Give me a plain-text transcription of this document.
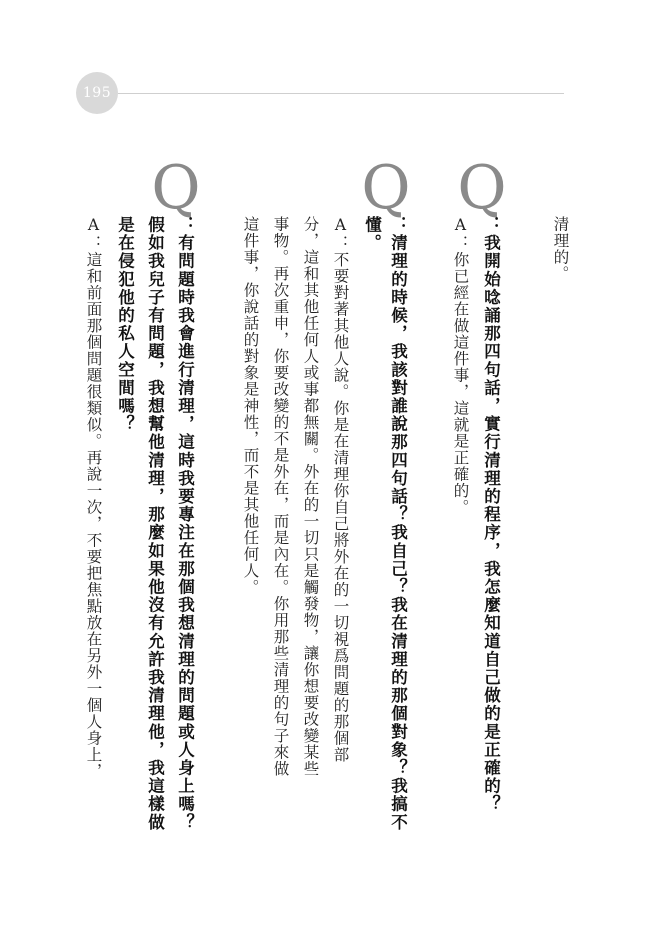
195
清理的。
Q
：我開始唸誦那四句話，實行清理的程序，我怎麼知道自己做的是正確的？
A：你已經在做這件事，這就是正確的。
Q
：清理的時候，我該對誰說那四句話？我自己？我在清理的那個對象？我搞不
懂。
A：不要對著其他人說。你是在清理你自己將外在的一切視爲問題的那個部
分，這和其他任何人或事都無關。外在的一切只是觸發物，讓你想要改變某些
事物。再次重申，你要改變的不是外在，而是內在。你用那些清理的句子來做
這件事，你說話的對象是神性，而不是其他任何人。
Q
：有問題時我會進行清理，這時我要專注在那個我想清理的問題或人身上嗎？
假如我兒子有問題，我想幫他清理，那麼如果他沒有允許我清理他，我這樣做
是在侵犯他的私人空間嗎？
A：這和前面那個問題很類似。再說一次，不要把焦點放在另外一個人身上，
